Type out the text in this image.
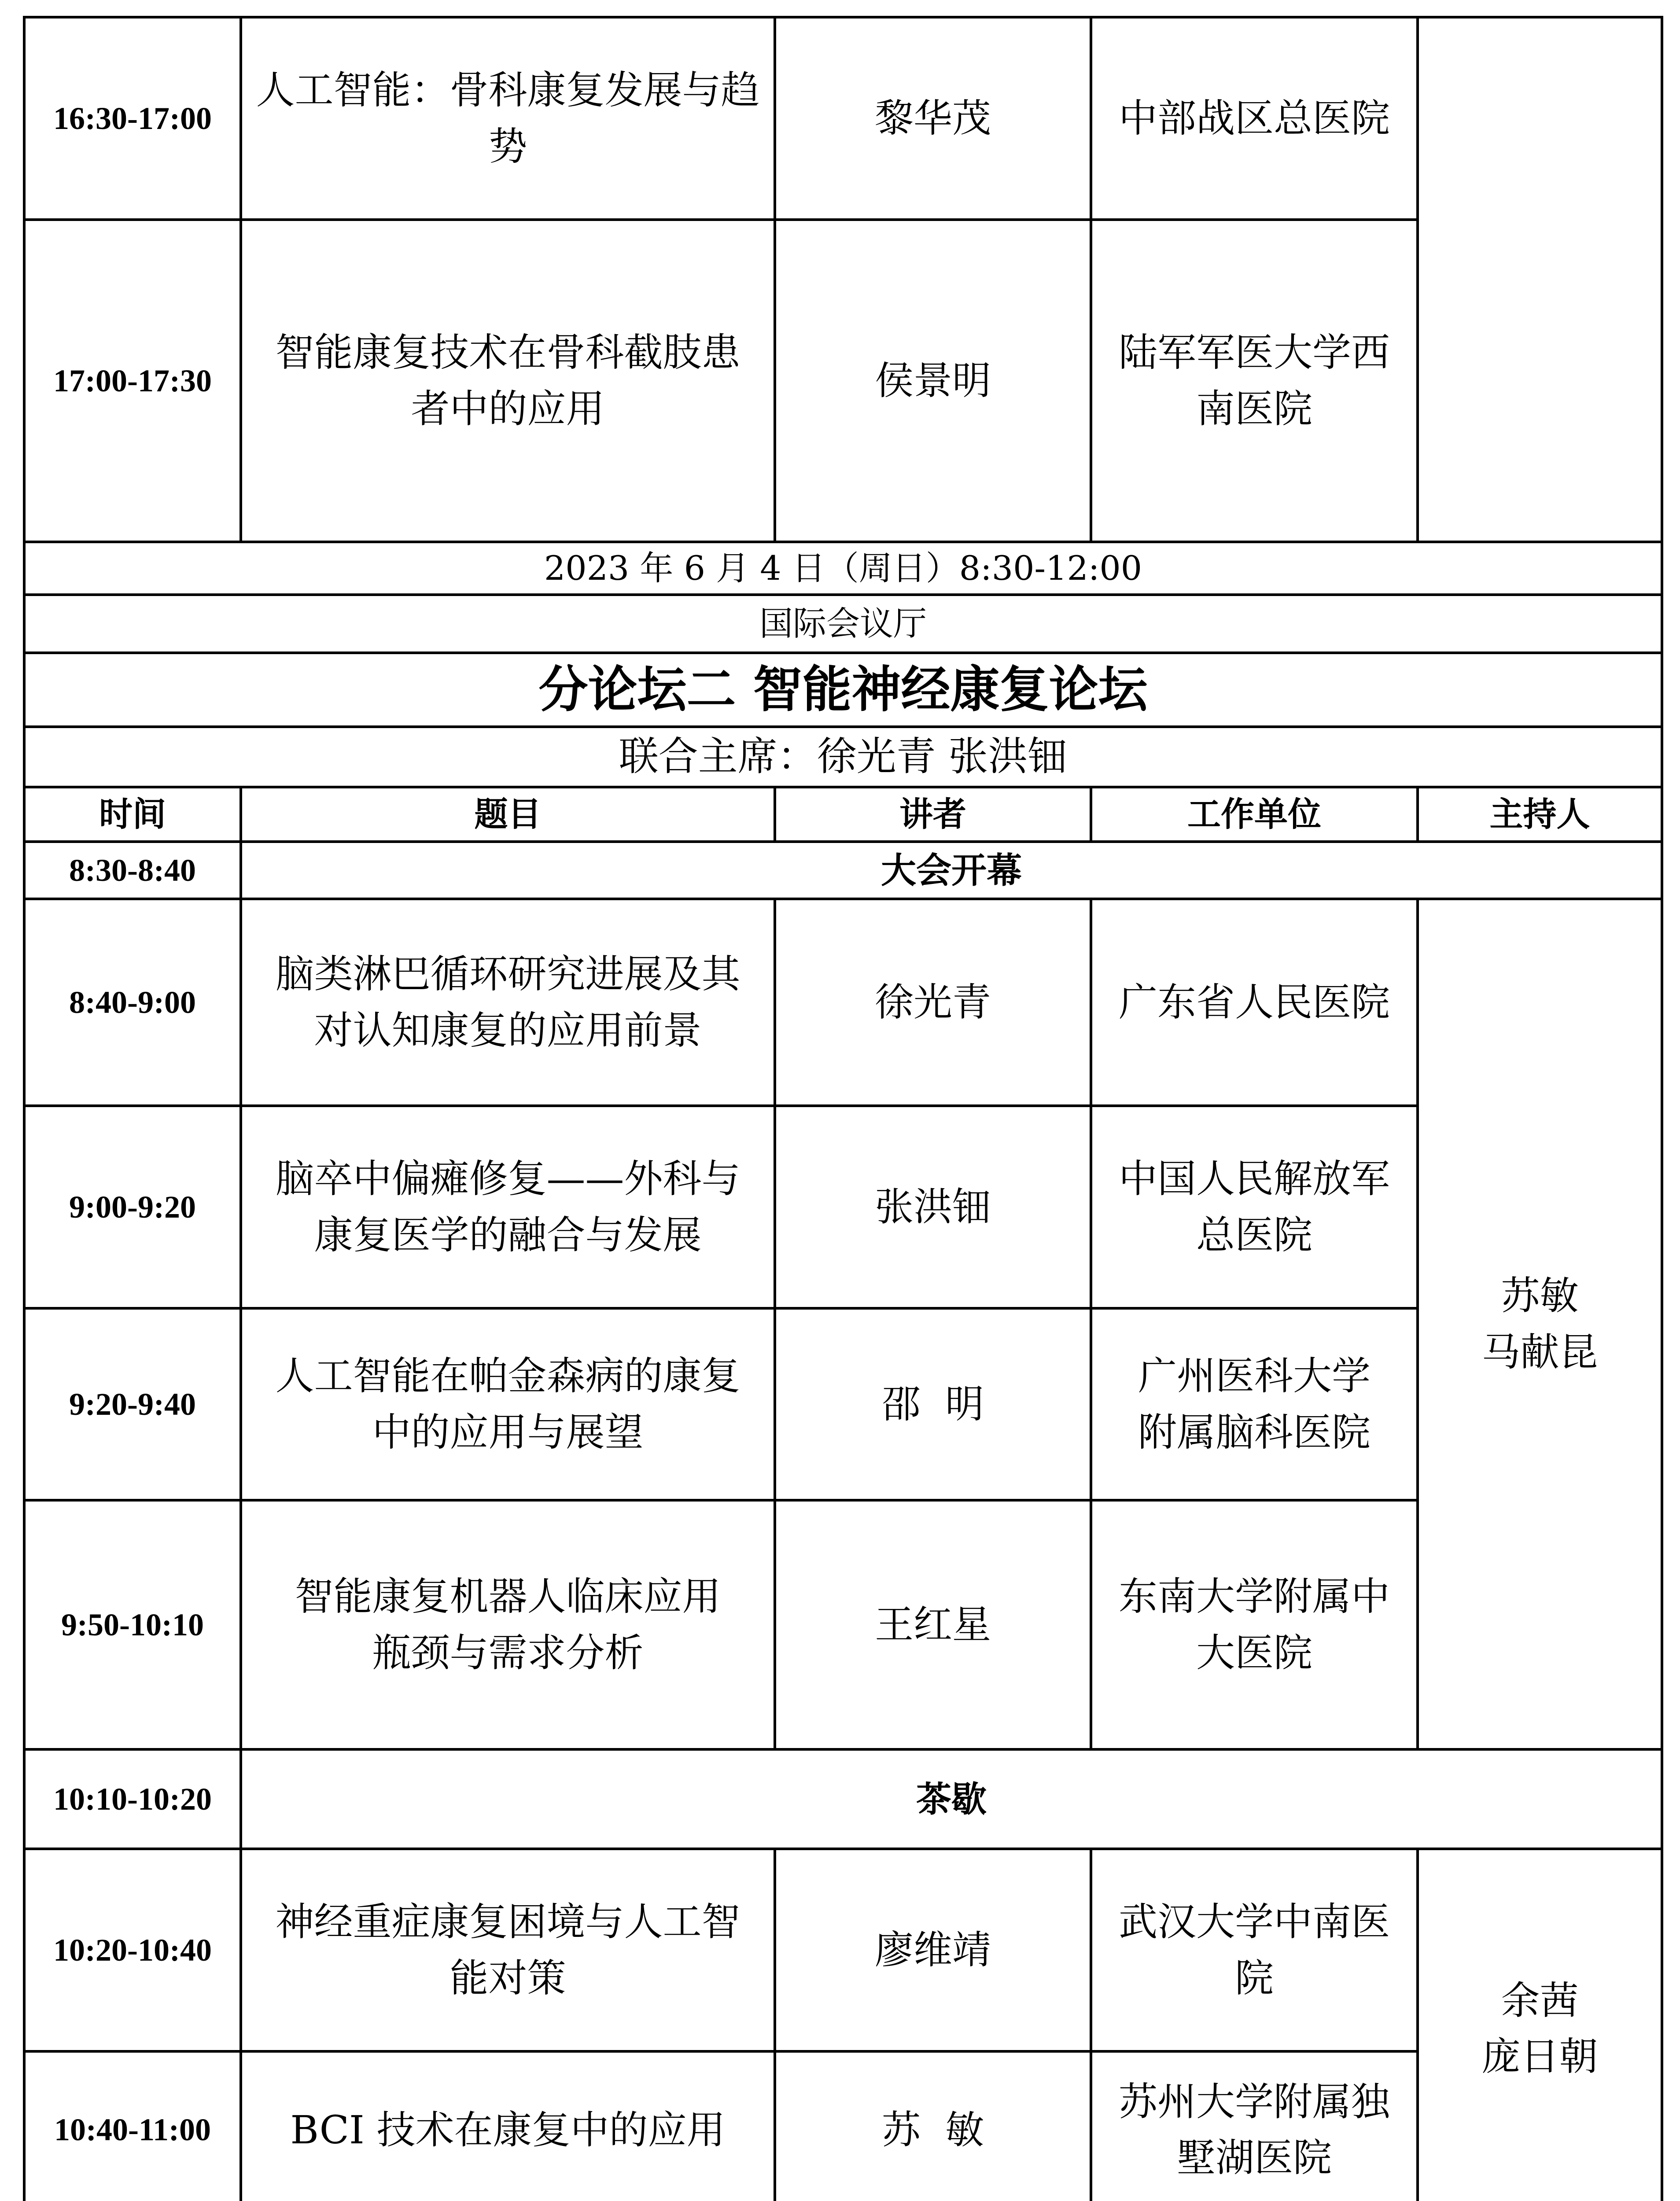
16:30-17:00	人工智能：骨科康复发展与趋
势	黎华茂	中部战区总医院	

17:00-17:30	智能康复技术在骨科截肢患
者中的应用	侯景明	陆军军医大学西
南医院	

2023 年 6 月 4 日（周日）8:30-12:00				
国际会议厅				
分论坛二 智能神经康复论坛				
联合主席：徐光青 张洪钿				
时间	题目	讲者	工作单位	主持人
8:30-8:40	大会开幕			
8:40-9:00	脑类淋巴循环研究进展及其
对认知康复的应用前景	徐光青	广东省人民医院	苏敏
马献昆

9:00-9:20	脑卒中偏瘫修复——外科与
康复医学的融合与发展	张洪钿	中国人民解放军
总医院	

9:20-9:40	人工智能在帕金森病的康复
中的应用与展望	邵  明	广州医科大学
附属脑科医院	

9:50-10:10	智能康复机器人临床应用
瓶颈与需求分析	王红星	东南大学附属中
大医院	

10:10-10:20	茶歇			
10:20-10:40	神经重症康复困境与人工智
能对策	廖维靖	武汉大学中南医
院	余茜
庞日朝

10:40-11:00	BCI 技术在康复中的应用	苏  敏	苏州大学附属独
墅湖医院	
